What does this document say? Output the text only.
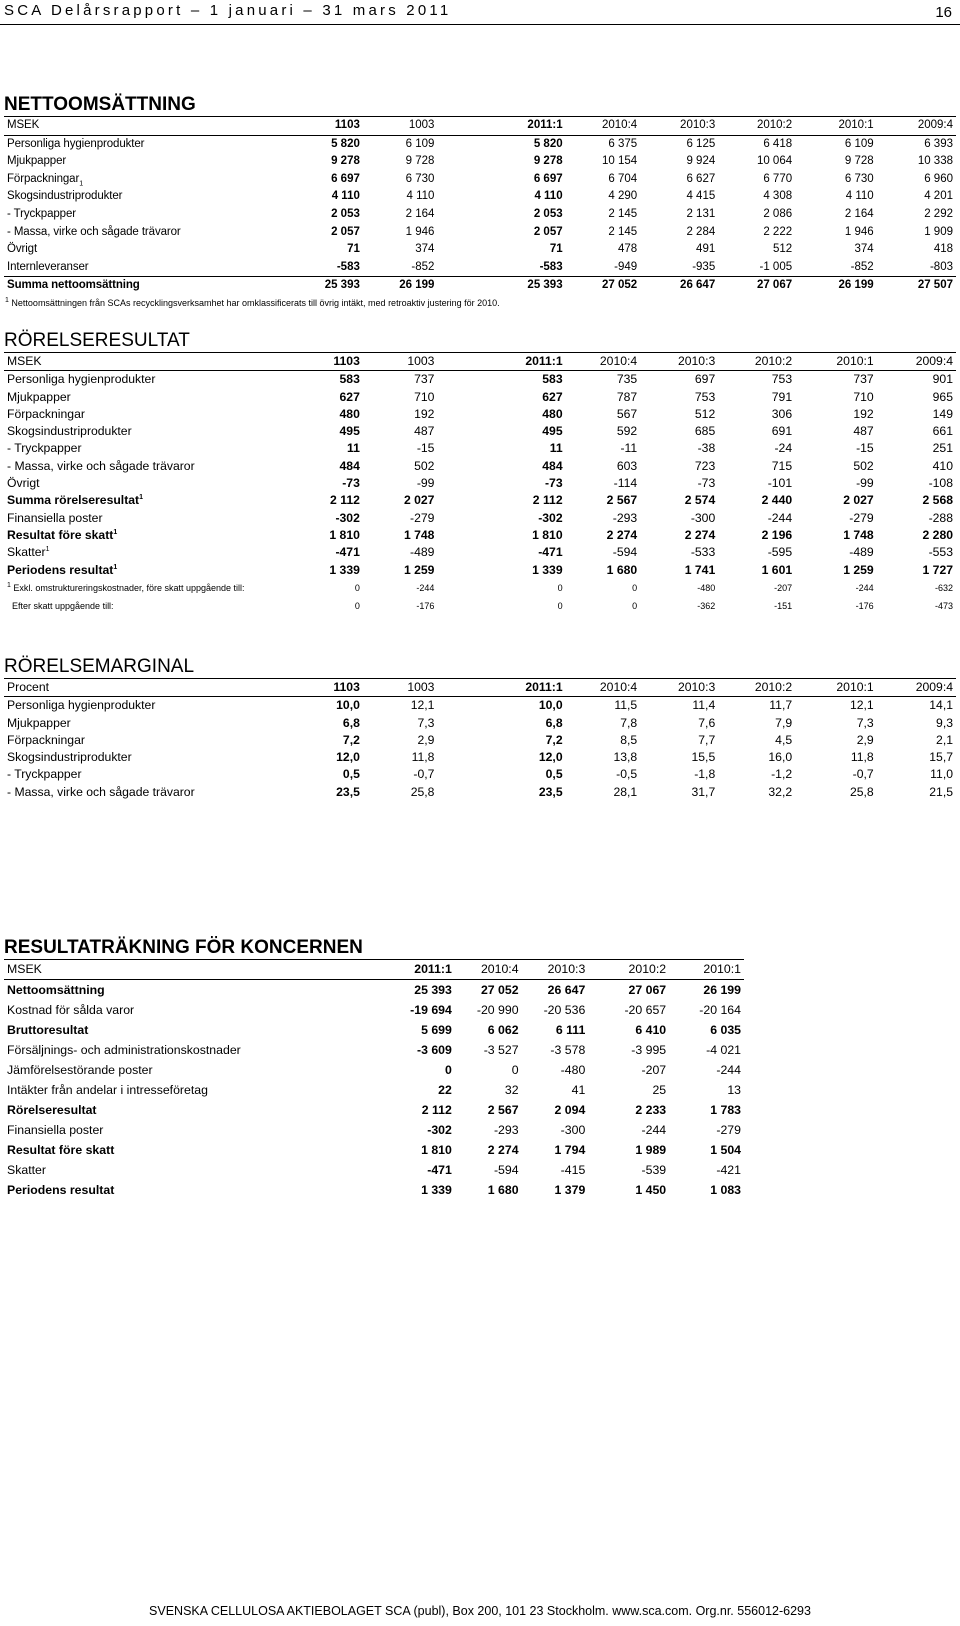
SCA Delårsrapport – 1 januari – 31 mars 2011	16
NETTOOMSÄTTNING
MSEK	1103	1003	2011:1	2010:4	2010:3	2010:2	2010:1	2009:4
Personliga hygienprodukter	5 820	6 109	5 820	6 375	6 125	6 418	6 109	6 393
Mjukpapper	9 278	9 728	9 278	10 154	9 924	10 064	9 728	10 338
Förpackningar$_1$	6 697	6 730	6 697	6 704	6 627	6 770	6 730	6 960
Skogsindustriprodukter	4 110	4 110	4 110	4 290	4 415	4 308	4 110	4 201
- Tryckpapper	2 053	2 164	2 053	2 145	2 131	2 086	2 164	2 292
- Massa, virke och sågade trävaror	2 057	1 946	2 057	2 145	2 284	2 222	1 946	1 909
Övrigt	71	374	71	478	491	512	374	418
Internleveranser	-583	-852	-583	-949	-935	-1 005	-852	-803
Summa nettoomsättning	25 393	26 199	25 393	27 052	26 647	27 067	26 199	27 507
$^1$ Nettoomsättningen från SCAs recycklingsverksamhet har omklassificerats till övrig intäkt, med retroaktiv justering för 2010.								
RÖRELSERESULTAT
MSEK	1103	1003	2011:1	2010:4	2010:3	2010:2	2010:1	2009:4
Personliga hygienprodukter	583	737	583	735	697	753	737	901
Mjukpapper	627	710	627	787	753	791	710	965
Förpackningar	480	192	480	567	512	306	192	149
Skogsindustriprodukter	495	487	495	592	685	691	487	661
- Tryckpapper	11	-15	11	-11	-38	-24	-15	251
- Massa, virke och sågade trävaror	484	502	484	603	723	715	502	410
Övrigt	-73	-99	-73	-114	-73	-101	-99	-108
Summa rörelseresultat$^1$	2 112	2 027	2 112	2 567	2 574	2 440	2 027	2 568
Finansiella poster	-302	-279	-302	-293	-300	-244	-279	-288
Resultat före skatt$^1$	1 810	1 748	1 810	2 274	2 274	2 196	1 748	2 280
Skatter$^1$	-471	-489	-471	-594	-533	-595	-489	-553
Periodens resultat$^1$	1 339	1 259	1 339	1 680	1 741	1 601	1 259	1 727
$^1$ Exkl. omstruktureringskostnader, före skatt uppgående till:	0	-244	0	0	-480	-207	-244	-632
Efter skatt uppgående till:	0	-176	0	0	-362	-151	-176	-473
RÖRELSEMARGINAL
Procent	1103	1003	2011:1	2010:4	2010:3	2010:2	2010:1	2009:4
Personliga hygienprodukter	10,0	12,1	10,0	11,5	11,4	11,7	12,1	14,1
Mjukpapper	6,8	7,3	6,8	7,8	7,6	7,9	7,3	9,3
Förpackningar	7,2	2,9	7,2	8,5	7,7	4,5	2,9	2,1
Skogsindustriprodukter	12,0	11,8	12,0	13,8	15,5	16,0	11,8	15,7
- Tryckpapper	0,5	-0,7	0,5	-0,5	-1,8	-1,2	-0,7	11,0
- Massa, virke och sågade trävaror	23,5	25,8	23,5	28,1	31,7	32,2	25,8	21,5
RESULTATRÄKNING FÖR KONCERNEN
MSEK	2011:1	2010:4	2010:3	2010:2	2010:1
Nettoomsättning	25 393	27 052	26 647	27 067	26 199
Kostnad för sålda varor	-19 694	-20 990	-20 536	-20 657	-20 164
Bruttoresultat	5 699	6 062	6 111	6 410	6 035
Försäljnings- och administrationskostnader	-3 609	-3 527	-3 578	-3 995	-4 021
Jämförelsestörande poster	0	0	-480	-207	-244
Intäkter från andelar i intresseföretag	22	32	41	25	13
Rörelseresultat	2 112	2 567	2 094	2 233	1 783
Finansiella poster	-302	-293	-300	-244	-279
Resultat före skatt	1 810	2 274	1 794	1 989	1 504
Skatter	-471	-594	-415	-539	-421
Periodens resultat	1 339	1 680	1 379	1 450	1 083
SVENSKA CELLULOSA AKTIEBOLAGET SCA (publ), Box 200, 101 23 Stockholm. www.sca.com. Org.nr. 556012-6293
